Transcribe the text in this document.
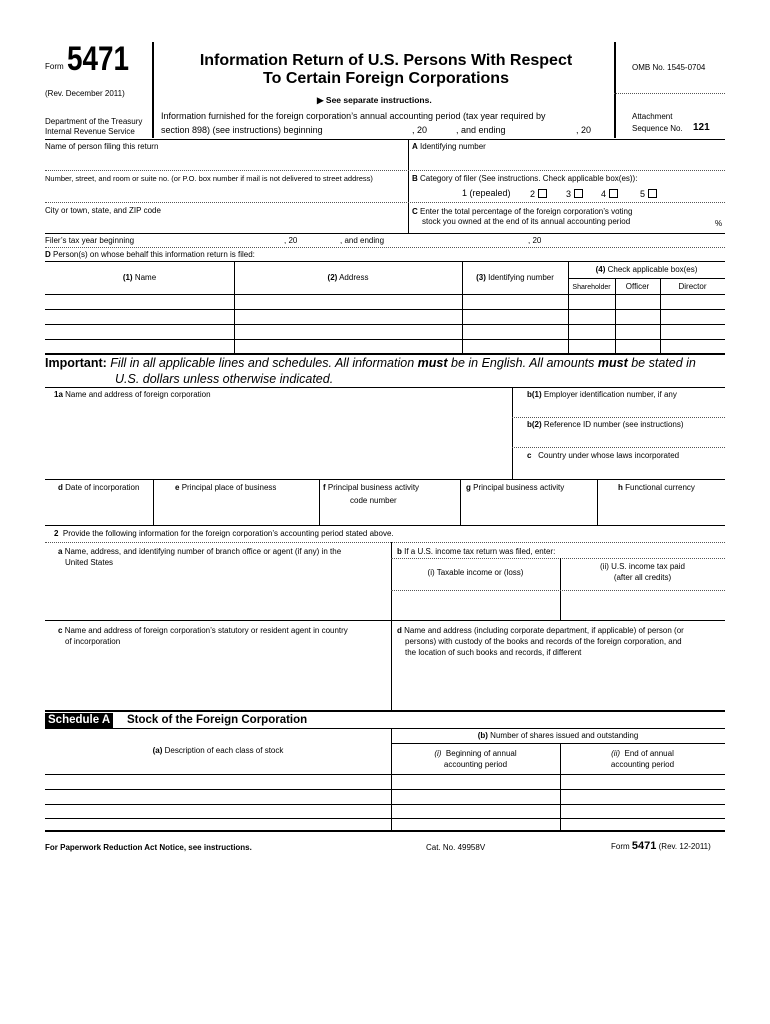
Form 5471
(Rev. December 2011)
Department of the Treasury
Internal Revenue Service
Information Return of U.S. Persons With Respect
To Certain Foreign Corporations
▶ See separate instructions.
Information furnished for the foreign corporation’s annual accounting period (tax year required by
section 898) (see instructions) beginning	, 20	, and ending	, 20
OMB No. 1545-0704
Attachment
Sequence No. 121
Name of person filing this return	A Identifying number
Number, street, and room or suite no. (or P.O. box number if mail is not delivered to street address)	B Category of filer (See instructions. Check applicable box(es)):
1 (repealed) 2	3	4	5
City or town, state, and ZIP code	C Enter the total percentage of the foreign corporation’s voting
stock you owned at the end of its annual accounting period	%
Filer’s tax year beginning	, 20	, and ending	, 20
D Person(s) on whose behalf this information return is filed:
(1) Name	(2) Address	(3) Identifying number
(4) Check applicable box(es)
Shareholder	Officer	Director
Important: Fill in all applicable lines and schedules. All information must be in English. All amounts must be stated in
U.S. dollars unless otherwise indicated.
1a Name and address of foreign corporation	b(1) Employer identification number, if any
b(2) Reference ID number (see instructions)
c Country under whose laws incorporated
d Date of incorporation	e Principal place of business	f Principal business activity
code number
g Principal business activity	h Functional currency
2 Provide the following information for the foreign corporation’s accounting period stated above.
a Name, address, and identifying number of branch office or agent (if any) in the
United States
b If a U.S. income tax return was filed, enter:
(i) Taxable income or (loss)
(ii) U.S. income tax paid
(after all credits)
c Name and address of foreign corporation’s statutory or resident agent in country
of incorporation
d Name and address (including corporate department, if applicable) of person (or
persons) with custody of the books and records of the foreign corporation, and
the location of such books and records, if different
Schedule A Stock of the Foreign Corporation
(b) Number of shares issued and outstanding
(a) Description of each class of stock	(i) Beginning of annual
accounting period
(ii) End of annual
accounting period
For Paperwork Reduction Act Notice, see instructions.	Cat. No. 49958V	Form 5471 (Rev. 12-2011)
